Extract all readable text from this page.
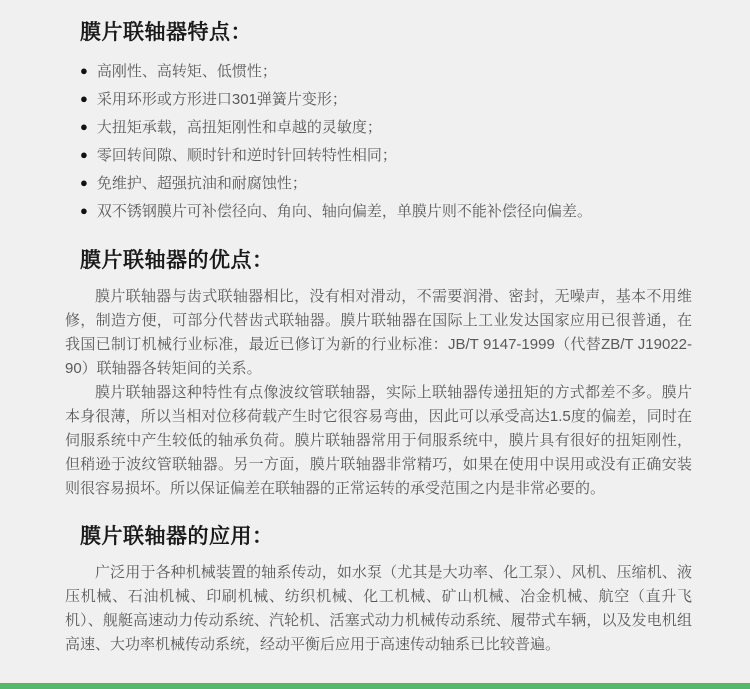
膜片联轴器特点：
● 高刚性、高转矩、低惯性；
● 采用环形或方形进口301弹簧片变形；
● 大扭矩承载，高扭矩刚性和卓越的灵敏度；
● 零回转间隙、顺时针和逆时针回转特性相同；
● 免维护、超强抗油和耐腐蚀性；
● 双不锈钢膜片可补偿径向、角向、轴向偏差，单膜片则不能补偿径向偏差。
膜片联轴器的优点：

膜片联轴器与齿式联轴器相比，没有相对滑动，不需要润滑、密封，无噪声，基本不用维修，制造方便，可部分代替齿式联轴器。膜片联轴器在国际上工业发达国家应用已很普通，在我国已制订机械行业标准，最近已修订为新的行业标准：JB/T 9147-1999（代替ZB/T J19022-90）联轴器各转矩间的关系。

膜片联轴器这种特性有点像波纹管联轴器，实际上联轴器传递扭矩的方式都差不多。膜片本身很薄，所以当相对位移荷载产生时它很容易弯曲，因此可以承受高达1.5度的偏差，同时在伺服系统中产生较低的轴承负荷。膜片联轴器常用于伺服系统中，膜片具有很好的扭矩刚性，但稍逊于波纹管联轴器。另一方面，膜片联轴器非常精巧，如果在使用中误用或没有正确安装则很容易损坏。所以保证偏差在联轴器的正常运转的承受范围之内是非常必要的。

膜片联轴器的应用：

广泛用于各种机械装置的轴系传动，如水泵（尤其是大功率、化工泵）、风机、压缩机、液压机械、石油机械、印刷机械、纺织机械、化工机械、矿山机械、冶金机械、航空（直升飞机）、舰艇高速动力传动系统、汽轮机、活塞式动力机械传动系统、履带式车辆，以及发电机组高速、大功率机械传动系统，经动平衡后应用于高速传动轴系已比较普遍。
